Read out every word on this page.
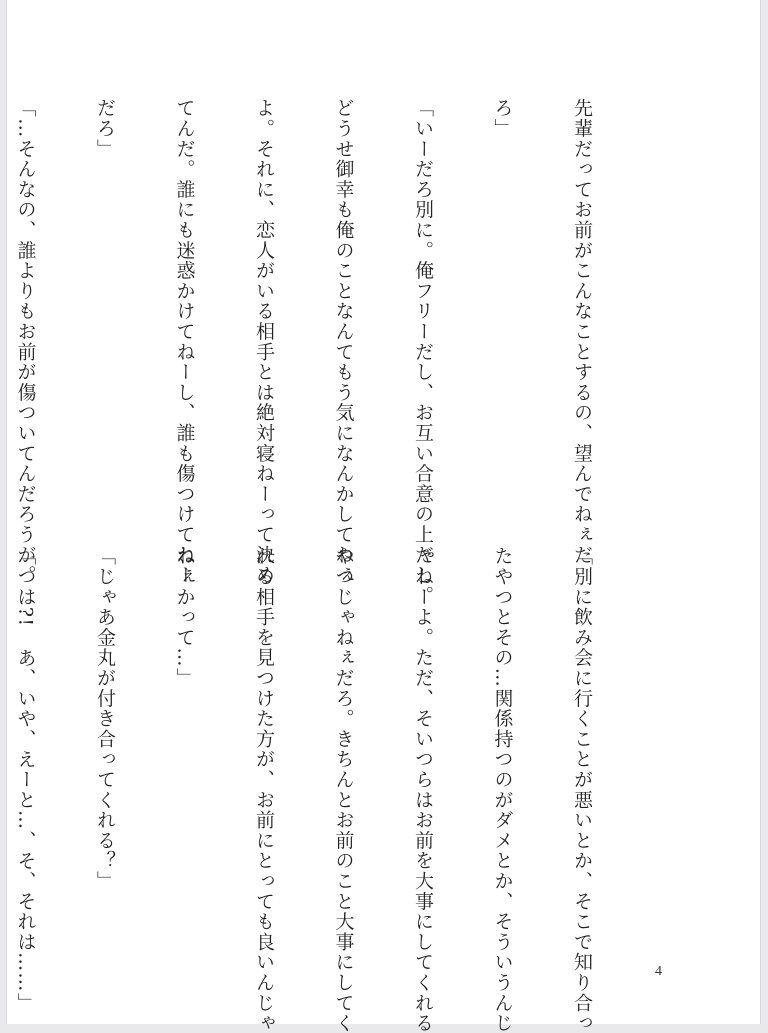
先輩だってお前がこんなことするの、望んでねぇだ

ろ」

「いーだろ別に。俺フリーだし、お互い合意の上だし。

どうせ御幸も俺のことなんてもう気になんかしてねぇ

よ。それに、恋人がいる相手とは絶対寝ねーって決め

てんだ。誰にも迷惑かけてねーし、誰も傷つけてねー

だろ」

「…そんなの、誰よりもお前が傷ついてんだろうが。

「別に飲み会に行くことが悪いとか、そこで知り合っ

たやつとその…関係持つのがダメとか、そういうんじ

ゃねーよ。ただ、そいつらはお前を大事にしてくれる

やつじゃねぇだろ。きちんとお前のこと大事にしてく

れる相手を見つけた方が、お前にとっても良いんじゃ

ねぇかって…」

「じゃあ金丸が付き合ってくれる？」

「つは?!　あ、いや、えーと…、そ、それは……」

	4
